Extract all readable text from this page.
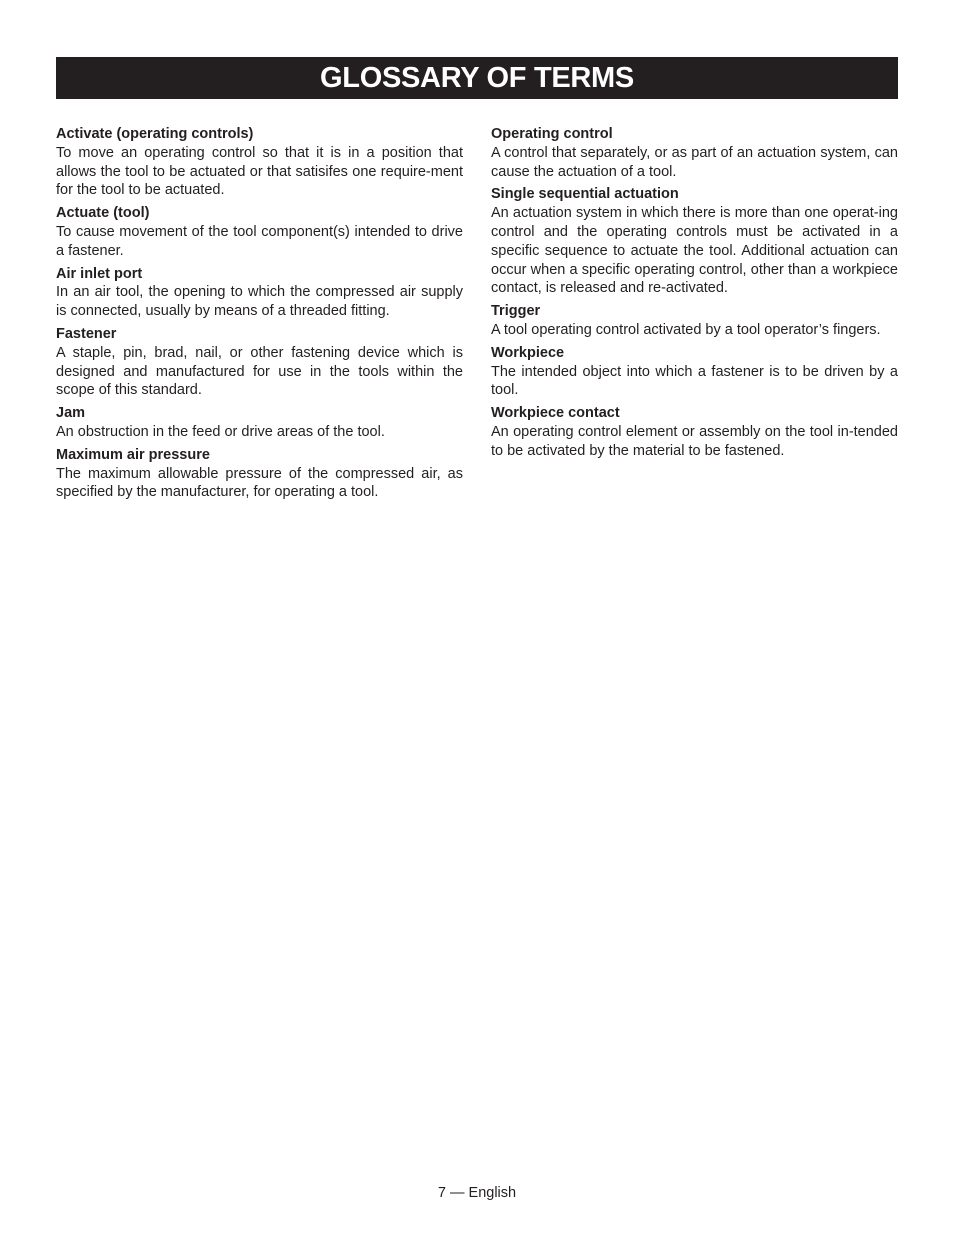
GLOSSARY OF TERMS

Activate (operating controls)

To move an operating control so that it is in a position that allows the tool to be actuated or that satisifes one require-ment for the tool to be actuated.

Actuate (tool)

To cause movement of the tool component(s) intended to drive a fastener.

Air inlet port

In an air tool, the opening to which the compressed air supply is connected, usually by means of a threaded fitting.

Fastener

A staple, pin, brad, nail, or other fastening device which is designed and manufactured for use in the tools within the scope of this standard.

Jam

An obstruction in the feed or drive areas of the tool.

Maximum air pressure

The maximum allowable pressure of the compressed air, as specified by the manufacturer, for operating a tool.

Operating control

A control that separately, or as part of an actuation system, can cause the actuation of a tool.

Single sequential actuation

An actuation system in which there is more than one operat-ing control and the operating controls must be activated in a specific sequence to actuate the tool. Additional actuation can occur when a specific operating control, other than a workpiece contact, is released and re-activated.

Trigger

A tool operating control activated by a tool operator’s fingers.

Workpiece

The intended object into which a fastener is to be driven by a tool.

Workpiece contact

An operating control element or assembly on the tool in-tended to be activated by the material to be fastened.

7 — English
